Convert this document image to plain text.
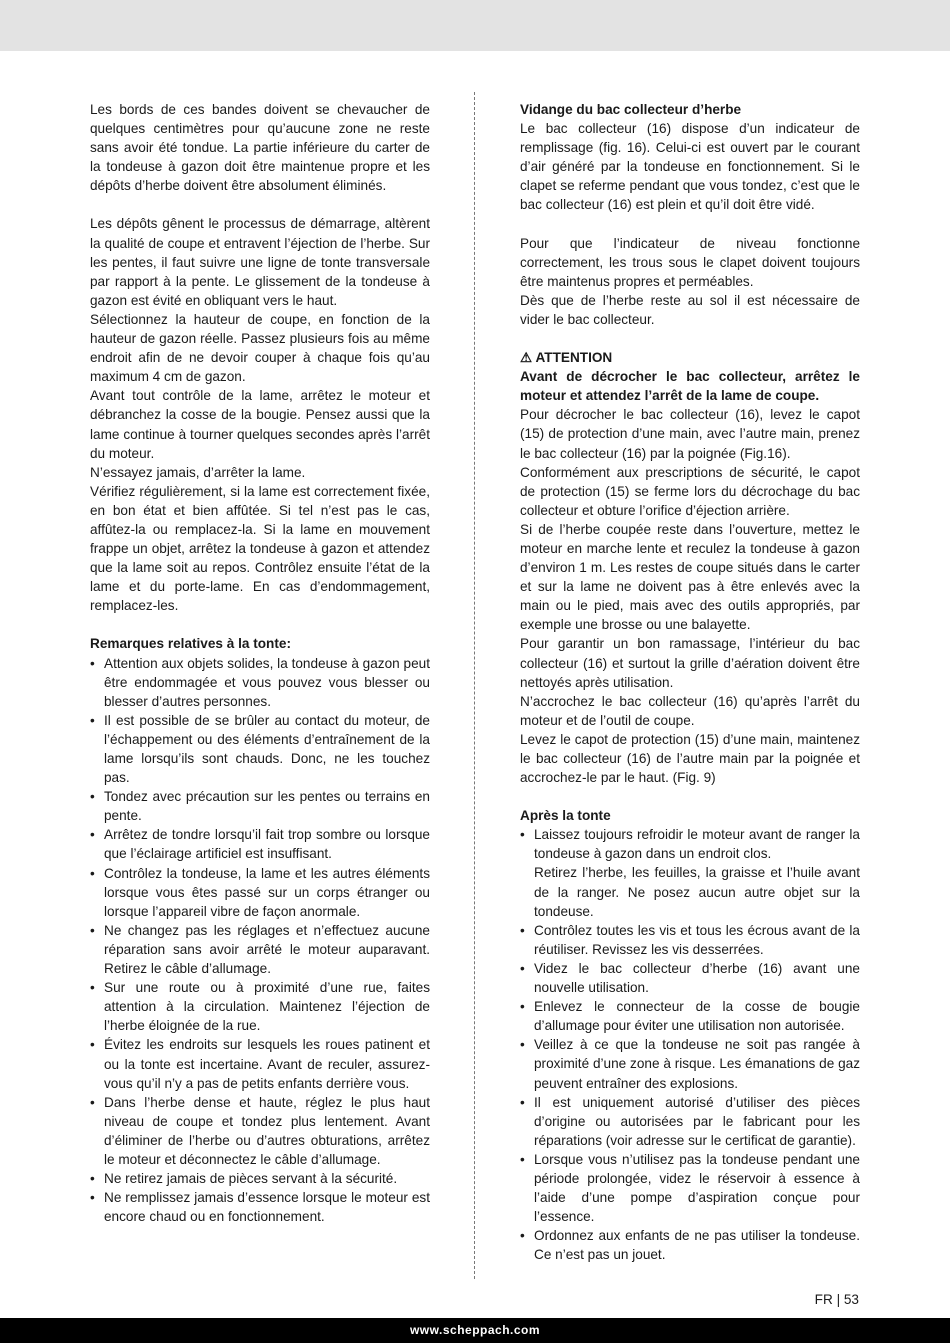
Les bords de ces bandes doivent se chevaucher de quelques centimètres pour qu’aucune zone ne reste sans avoir été tondue. La partie inférieure du carter de la tondeuse à gazon doit être maintenue propre et les dépôts d’herbe doivent être absolument éliminés.

Les dépôts gênent le processus de démarrage, altèrent la qualité de coupe et entravent l’éjection de l’herbe. Sur les pentes, il faut suivre une ligne de tonte transversale par rapport à la pente. Le glissement de la tondeuse à gazon est évité en obliquant vers le haut.

Sélectionnez la hauteur de coupe, en fonction de la hauteur de gazon réelle. Passez plusieurs fois au même endroit afin de ne devoir couper à chaque fois qu’au maximum 4 cm de gazon.

Avant tout contrôle de la lame, arrêtez le moteur et débranchez la cosse de la bougie. Pensez aussi que la lame continue à tourner quelques secondes après l’arrêt du moteur.

N’essayez jamais, d’arrêter la lame.

Vérifiez régulièrement, si la lame est correctement fixée, en bon état et bien affûtée. Si tel n’est pas le cas, affûtez-la ou remplacez-la. Si la lame en mouvement frappe un objet, arrêtez la tondeuse à gazon et attendez que la lame soit au repos. Contrôlez ensuite l’état de la lame et du porte-lame. En cas d’endommagement, remplacez-les.

Remarques relatives à la tonte:

• Attention aux objets solides, la tondeuse à gazon peut être endommagée et vous pouvez vous blesser ou blesser d’autres personnes.
• Il est possible de se brûler au contact du moteur, de l’échappement ou des éléments d’entraînement de la lame lorsqu’ils sont chauds. Donc, ne les touchez pas.
• Tondez avec précaution sur les pentes ou terrains en pente.
• Arrêtez de tondre lorsqu’il fait trop sombre ou lorsque que l’éclairage artificiel est insuffisant.
• Contrôlez la tondeuse, la lame et les autres éléments lorsque vous êtes passé sur un corps étranger ou lorsque l’appareil vibre de façon anormale.
• Ne changez pas les réglages et n’effectuez aucune réparation sans avoir arrêté le moteur auparavant. Retirez le câble d’allumage.
• Sur une route ou à proximité d’une rue, faites attention à la circulation. Maintenez l’éjection de l’herbe éloignée de la rue.
• Évitez les endroits sur lesquels les roues patinent et ou la tonte est incertaine. Avant de reculer, assurez-vous qu’il n’y a pas de petits enfants derrière vous.
• Dans l’herbe dense et haute, réglez le plus haut niveau de coupe et tondez plus lentement. Avant d’éliminer de l’herbe ou d’autres obturations, arrêtez le moteur et déconnectez le câble d’allumage.
• Ne retirez jamais de pièces servant à la sécurité.
• Ne remplissez jamais d’essence lorsque le moteur est encore chaud ou en fonctionnement.

Vidange du bac collecteur d’herbe

Le bac collecteur (16) dispose d’un indicateur de remplissage (fig. 16). Celui-ci est ouvert par le courant d’air généré par la tondeuse en fonctionnement. Si le clapet se referme pendant que vous tondez, c’est que le bac collecteur (16) est plein et qu’il doit être vidé.

Pour que l’indicateur de niveau fonctionne correctement, les trous sous le clapet doivent toujours être maintenus propres et perméables.

Dès que de l’herbe reste au sol il est nécessaire de vider le bac collecteur.

⚠ ATTENTION

Avant de décrocher le bac collecteur, arrêtez le moteur et attendez l’arrêt de la lame de coupe.

Pour décrocher le bac collecteur (16), levez le capot (15) de protection d’une main, avec l’autre main, prenez le bac collecteur (16) par la poignée (Fig.16).

Conformément aux prescriptions de sécurité, le capot de protection (15) se ferme lors du décrochage du bac collecteur et obture l’orifice d’éjection arrière.

Si de l’herbe coupée reste dans l’ouverture, mettez le moteur en marche lente et reculez la tondeuse à gazon d’environ 1 m. Les restes de coupe situés dans le carter et sur la lame ne doivent pas à être enlevés avec la main ou le pied, mais avec des outils appropriés, par exemple une brosse ou une balayette.

Pour garantir un bon ramassage, l’intérieur du bac collecteur (16) et surtout la grille d’aération doivent être nettoyés après utilisation.

N’accrochez le bac collecteur (16) qu’après l’arrêt du moteur et de l’outil de coupe.

Levez le capot de protection (15) d’une main, maintenez le bac collecteur (16) de l’autre main par la poignée et accrochez-le par le haut. (Fig. 9)

Après la tonte

• Laissez toujours refroidir le moteur avant de ranger la tondeuse à gazon dans un endroit clos.

Retirez l’herbe, les feuilles, la graisse et l’huile avant de la ranger. Ne posez aucun autre objet sur la tondeuse.

• Contrôlez toutes les vis et tous les écrous avant de la réutiliser. Revissez les vis desserrées.

• Videz le bac collecteur d’herbe (16) avant une nouvelle utilisation.

• Enlevez le connecteur de la cosse de bougie d’allumage pour éviter une utilisation non autorisée.

• Veillez à ce que la tondeuse ne soit pas rangée à proximité d’une zone à risque. Les émanations de gaz peuvent entraîner des explosions.

• Il est uniquement autorisé d’utiliser des pièces d’origine ou autorisées par le fabricant pour les réparations (voir adresse sur le certificat de garantie).

• Lorsque vous n’utilisez pas la tondeuse pendant une période prolongée, videz le réservoir à essence à l’aide d’une pompe d’aspiration conçue pour l’essence.

• Ordonnez aux enfants de ne pas utiliser la tondeuse. Ce n’est pas un jouet.

FR | 53
www.scheppach.com
